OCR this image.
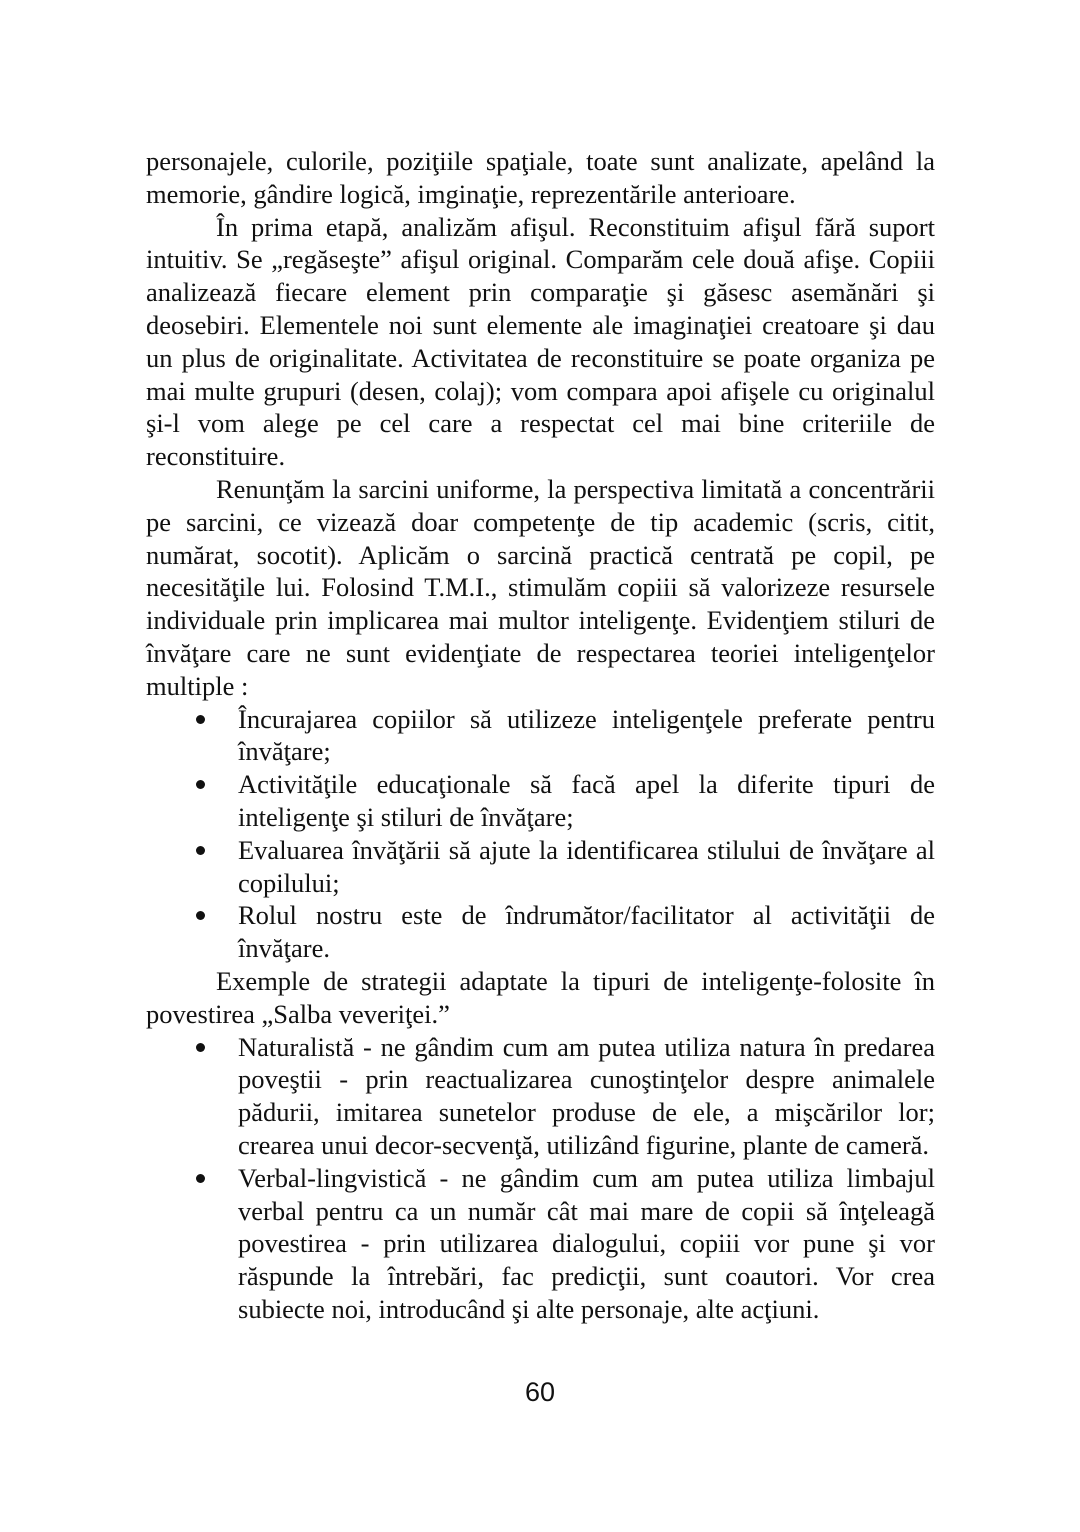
personajele, culorile, poziţiile spaţiale, toate sunt analizate, apelând la memorie, gândire logică, imginaţie, reprezentările anterioare.

În prima etapă, analizăm afişul. Reconstituim afişul fără suport intuitiv. Se „regăseşte” afişul original. Comparăm cele două afişe. Copiii analizează fiecare element prin comparaţie şi găsesc asemănări şi deosebiri. Elementele noi sunt elemente ale imaginaţiei creatoare şi dau un plus de originalitate. Activitatea de reconstituire se poate organiza pe mai multe grupuri (desen, colaj); vom compara apoi afişele cu originalul şi-l vom alege pe cel care a respectat cel mai bine criteriile de reconstituire.

Renunţăm la sarcini uniforme, la perspectiva limitată a concentrării pe sarcini, ce vizează doar competenţe de tip academic (scris, citit, numărat, socotit). Aplicăm o sarcină practică centrată pe copil, pe necesităţile lui. Folosind T.M.I., stimulăm copiii să valorizeze resursele individuale prin implicarea mai multor inteligenţe. Evidenţiem stiluri de învăţare care ne sunt evidenţiate de respectarea teoriei inteligenţelor multiple :

Încurajarea copiilor să utilizeze inteligenţele preferate pentru învăţare;
Activităţile educaţionale să facă apel la diferite tipuri de inteligenţe şi stiluri de învăţare;
Evaluarea învăţării să ajute la identificarea stilului de învăţare al copilului;
Rolul nostru este de îndrumător/facilitator al activităţii de învăţare.

Exemple de strategii adaptate la tipuri de inteligenţe-folosite în povestirea „Salba veveriţei.”

Naturalistă - ne gândim cum am putea utiliza natura în predarea poveştii - prin reactualizarea cunoştinţelor despre animalele pădurii, imitarea sunetelor produse de ele, a mişcărilor lor; crearea unui decor-secvenţă, utilizând figurine, plante de cameră.
Verbal-lingvistică - ne gândim cum am putea utiliza limbajul verbal pentru ca un număr cât mai mare de copii să înţeleagă povestirea - prin utilizarea dialogului, copiii vor pune şi vor răspunde la întrebări, fac predicţii, sunt coautori. Vor crea subiecte noi, introducând şi alte personaje, alte acţiuni.
60
